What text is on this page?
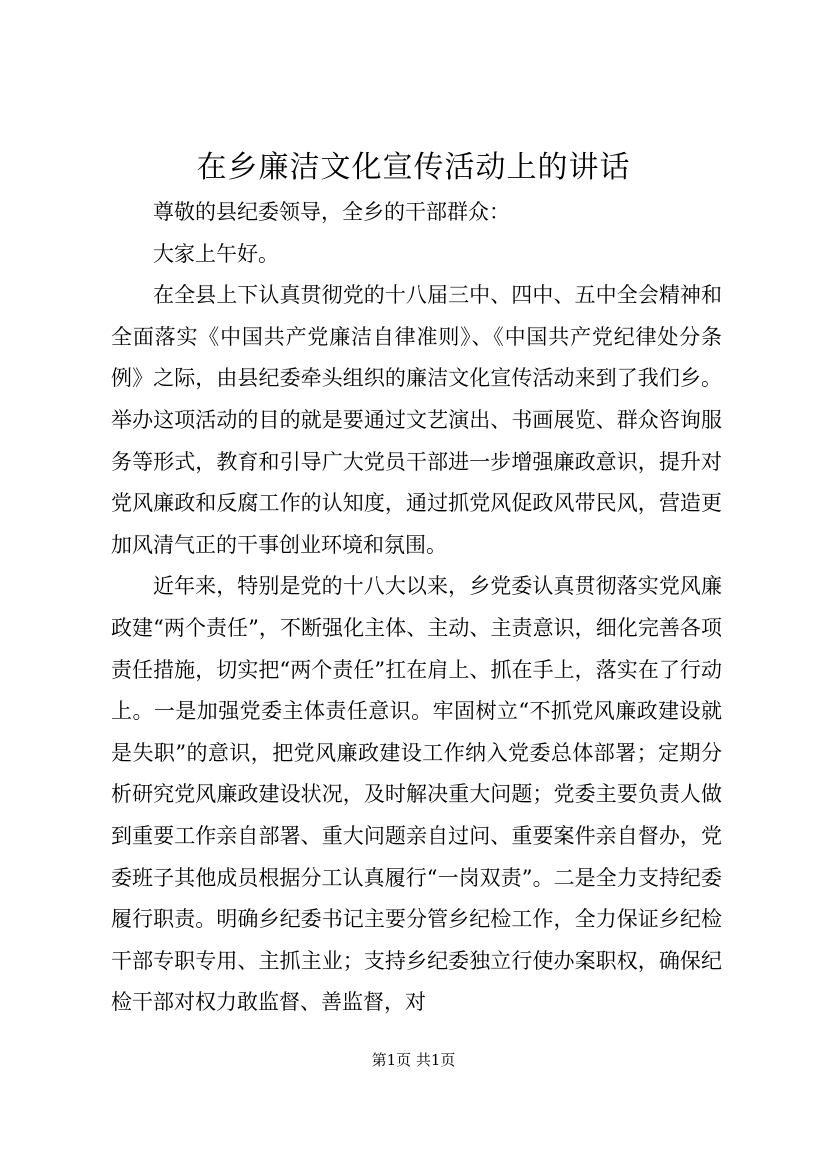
在乡廉洁文化宣传活动上的讲话

尊敬的县纪委领导，全乡的干部群众：

大家上午好。

在全县上下认真贯彻党的十八届三中、四中、五中全会精神和全面落实《中国共产党廉洁自律准则》、《中国共产党纪律处分条例》之际，由县纪委牵头组织的廉洁文化宣传活动来到了我们乡。举办这项活动的目的就是要通过文艺演出、书画展览、群众咨询服务等形式，教育和引导广大党员干部进一步增强廉政意识，提升对党风廉政和反腐工作的认知度，通过抓党风促政风带民风，营造更加风清气正的干事创业环境和氛围。

近年来，特别是党的十八大以来，乡党委认真贯彻落实党风廉政建“两个责任”，不断强化主体、主动、主责意识，细化完善各项责任措施，切实把“两个责任”扛在肩上、抓在手上，落实在了行动上。一是加强党委主体责任意识。牢固树立“不抓党风廉政建设就是失职”的意识，把党风廉政建设工作纳入党委总体部署；定期分析研究党风廉政建设状况，及时解决重大问题；党委主要负责人做到重要工作亲自部署、重大问题亲自过问、重要案件亲自督办，党委班子其他成员根据分工认真履行“一岗双责”。二是全力支持纪委履行职责。明确乡纪委书记主要分管乡纪检工作，全力保证乡纪检干部专职专用、主抓主业；支持乡纪委独立行使办案职权，确保纪检干部对权力敢监督、善监督，对

第1页 共1页
